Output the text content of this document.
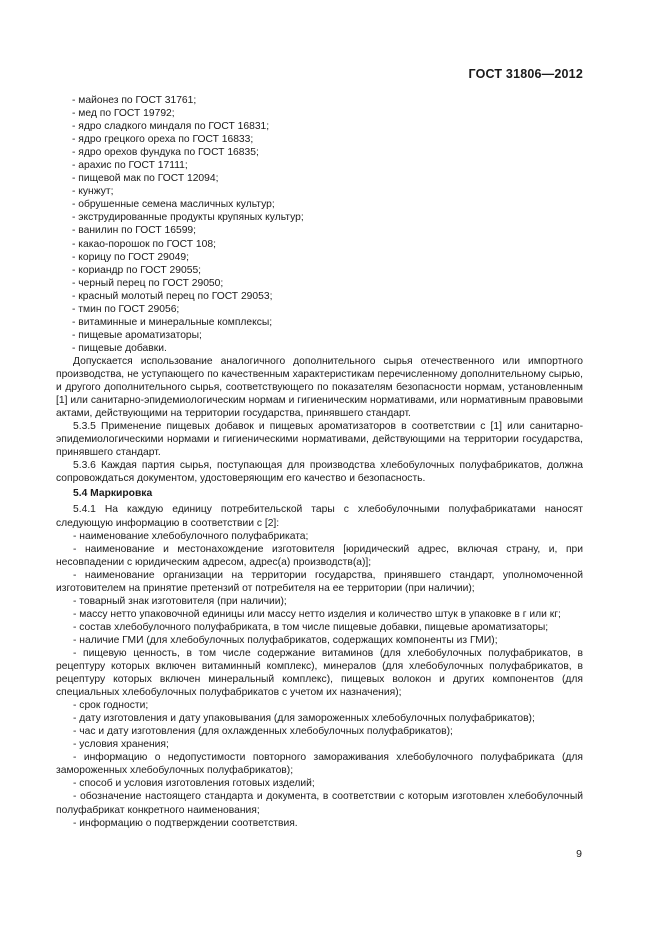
ГОСТ 31806—2012
- майонез по ГОСТ 31761;
- мед по ГОСТ 19792;
- ядро сладкого миндаля по ГОСТ 16831;
- ядро грецкого ореха по ГОСТ 16833;
- ядро орехов фундука по ГОСТ 16835;
- арахис по ГОСТ 17111;
- пищевой мак по ГОСТ 12094;
- кунжут;
- обрушенные семена масличных культур;
- экструдированные продукты крупяных культур;
- ванилин по ГОСТ 16599;
- какао-порошок по ГОСТ 108;
- корицу по ГОСТ 29049;
- кориандр по ГОСТ 29055;
- черный перец по ГОСТ 29050;
- красный молотый перец по ГОСТ 29053;
- тмин по ГОСТ 29056;
- витаминные и минеральные комплексы;
- пищевые ароматизаторы;
- пищевые добавки.
Допускается использование аналогичного дополнительного сырья отечественного или импортного производства, не уступающего по качественным характеристикам перечисленному дополнительному сырью, и другого дополнительного сырья, соответствующего по показателям безопасности нормам, установленным [1] или санитарно-эпидемиологическим нормам и гигиеническим нормативами, или нормативным правовыми актами, действующими на территории государства, принявшего стандарт.
5.3.5 Применение пищевых добавок и пищевых ароматизаторов в соответствии с [1] или санитарно-эпидемиологическими нормами и гигиеническими нормативами, действующими на территории государства, принявшего стандарт.
5.3.6 Каждая партия сырья, поступающая для производства хлебобулочных полуфабрикатов, должна сопровождаться документом, удостоверяющим его качество и безопасность.
5.4 Маркировка
5.4.1 На каждую единицу потребительской тары с хлебобулочными полуфабрикатами наносят следующую информацию в соответствии с [2]:
- наименование хлебобулочного полуфабриката;
- наименование и местонахождение изготовителя [юридический адрес, включая страну, и, при несовпадении с юридическим адресом, адрес(а) производств(а)];
- наименование организации на территории государства, принявшего стандарт, уполномоченной изготовителем на принятие претензий от потребителя на ее территории (при наличии);
- товарный знак изготовителя (при наличии);
- массу нетто упаковочной единицы или массу нетто изделия и количество штук в упаковке в г или кг;
- состав хлебобулочного полуфабриката, в том числе пищевые добавки, пищевые ароматизаторы;
- наличие ГМИ (для хлебобулочных полуфабрикатов, содержащих компоненты из ГМИ);
- пищевую ценность, в том числе содержание витаминов (для хлебобулочных полуфабрикатов, в рецептуру которых включен витаминный комплекс), минералов (для хлебобулочных полуфабрикатов, в рецептуру которых включен минеральный комплекс), пищевых волокон и других компонентов (для специальных хлебобулочных полуфабрикатов с учетом их назначения);
- срок годности;
- дату изготовления и дату упаковывания (для замороженных хлебобулочных полуфабрикатов);
- час и дату изготовления (для охлажденных хлебобулочных полуфабрикатов);
- условия хранения;
- информацию о недопустимости повторного замораживания хлебобулочного полуфабриката (для замороженных хлебобулочных полуфабрикатов);
- способ и условия изготовления готовых изделий;
- обозначение настоящего стандарта и документа, в соответствии с которым изготовлен хлебобулочный полуфабрикат конкретного наименования;
- информацию о подтверждении соответствия.
9
